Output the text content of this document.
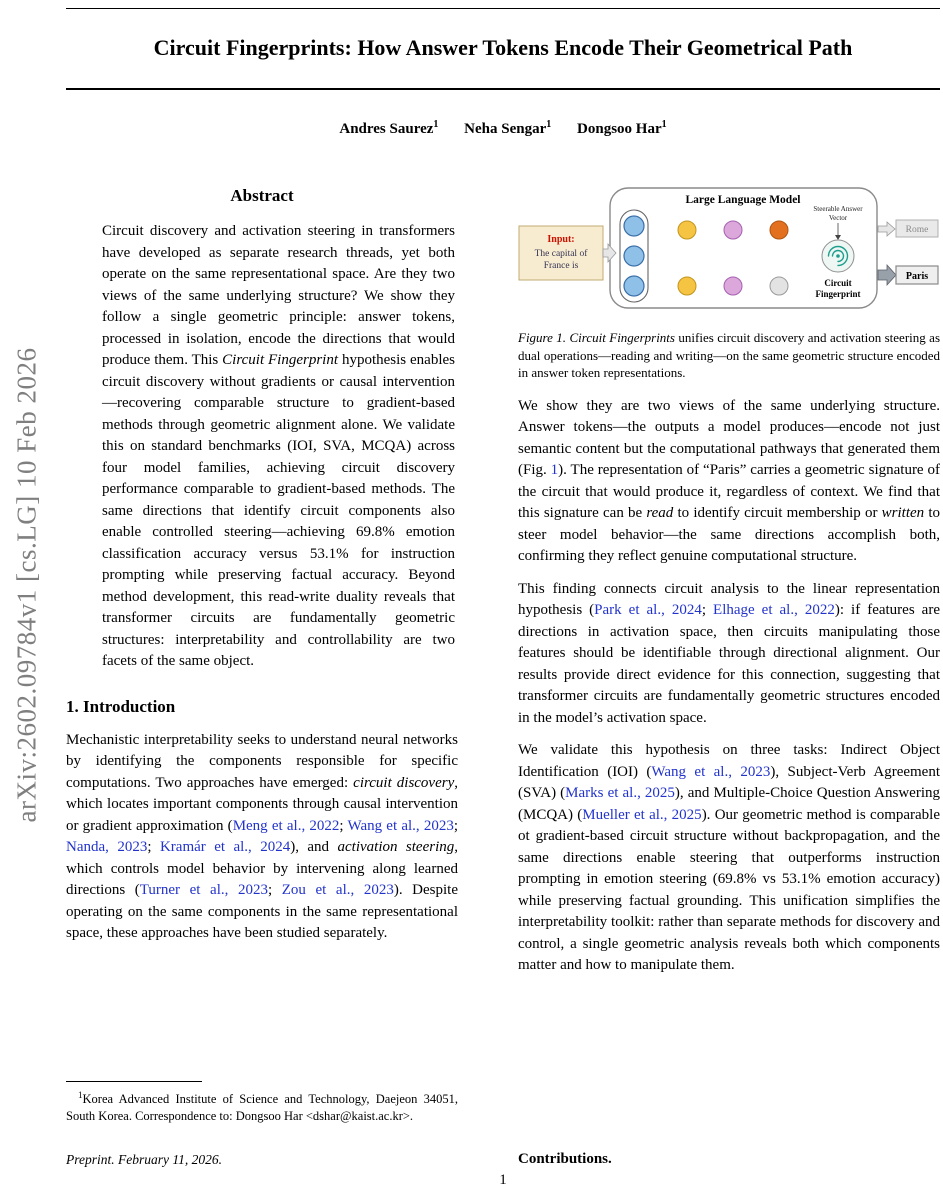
arXiv:2602.09784v1 [cs.LG] 10 Feb 2026
Circuit Fingerprints: How Answer Tokens Encode Their Geometrical Path
Andres Saurez$^1$ Neha Sengar$^1$ Dongsoo Har$^1$
Abstract

Circuit discovery and activation steering in transformers have developed as separate research threads, yet both operate on the same representational space. Are they two views of the same underlying structure? We show they follow a single geometric principle: answer tokens, processed in isolation, encode the directions that would produce them. This Circuit Fingerprint hypothesis enables circuit discovery without gradients or causal intervention—recovering comparable structure to gradient-based methods through geometric alignment alone. We validate this on standard benchmarks (IOI, SVA, MCQA) across four model families, achieving circuit discovery performance comparable to gradient-based methods. The same directions that identify circuit components also enable controlled steering—achieving 69.8% emotion classification accuracy versus 53.1% for instruction prompting while preserving factual accuracy. Beyond method development, this read-write duality reveals that transformer circuits are fundamentally geometric structures: interpretability and controllability are two facets of the same object.

1. Introduction

Mechanistic interpretability seeks to understand neural networks by identifying the components responsible for specific computations. Two approaches have emerged: circuit discovery, which locates important components through causal intervention or gradient approximation (Meng et al., 2022; Wang et al., 2023; Nanda, 2023; Kramár et al., 2024), and activation steering, which controls model behavior by intervening along learned directions (Turner et al., 2023; Zou et al., 2023). Despite operating on the same components in the same representational space, these approaches have been studied separately.

$^1$Korea Advanced Institute of Science and Technology, Daejeon 34051, South Korea. Correspondence to: Dongsoo Har <dshar@kaist.ac.kr>.

Preprint. February 11, 2026.

Large Language Model
Input:
The capital of
France is
Steerable Answer
Vector
Circuit
Fingerprint
Rome
Paris
Figure 1. Circuit Fingerprints unifies circuit discovery and activation steering as dual operations—reading and writing—on the same geometric structure encoded in answer token representations.

We show they are two views of the same underlying structure. Answer tokens—the outputs a model produces—encode not just semantic content but the computational pathways that generated them (Fig. 1). The representation of “Paris” carries a geometric signature of the circuit that would produce it, regardless of context. We find that this signature can be read to identify circuit membership or written to steer model behavior—the same directions accomplish both, confirming they reflect genuine computational structure.

This finding connects circuit analysis to the linear representation hypothesis (Park et al., 2024; Elhage et al., 2022): if features are directions in activation space, then circuits manipulating those features should be identifiable through directional alignment. Our results provide direct evidence for this connection, suggesting that transformer circuits are fundamentally geometric structures encoded in the model’s activation space.

We validate this hypothesis on three tasks: Indirect Object Identification (IOI) (Wang et al., 2023), Subject-Verb Agreement (SVA) (Marks et al., 2025), and Multiple-Choice Question Answering (MCQA) (Mueller et al., 2025). Our geometric method is comparable ot gradient-based circuit structure without backpropagation, and the same directions enable steering that outperforms instruction prompting in emotion steering (69.8% vs 53.1% emotion accuracy) while preserving factual grounding. This unification simplifies the interpretability toolkit: rather than separate methods for discovery and control, a single geometric analysis reveals both which components matter and how to manipulate them.

Contributions.

1
